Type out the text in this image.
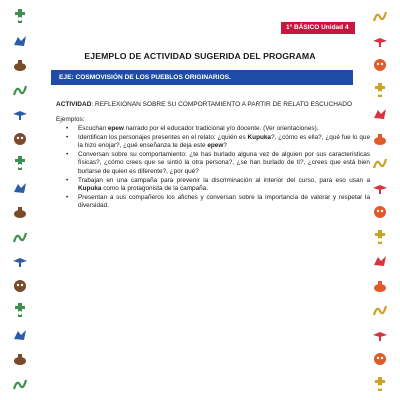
1° BÁSICO Unidad 4
EJEMPLO DE ACTIVIDAD SUGERIDA DEL PROGRAMA
EJE: COSMOVISIÓN DE LOS PUEBLOS ORIGINARIOS.
ACTIVIDAD: REFLEXIONAN SOBRE SU COMPORTAMIENTO A PARTIR DE RELATO ESCUCHADO
Ejemplos:
• Escuchan epew narrado por el educador tradicional y/o docente. (Ver orientaciones).
• Identifican los personajes presentes en el relato: ¿quién es Kupuka?, ¿cómo es ella?, ¿qué fue lo que la hizo enojar?, ¿qué enseñanza te deja este epew?
• Conversan sobre su comportamiento: ¿te has burlado alguna vez de alguien por sus características físicas?, ¿cómo crees que se sintió la otra persona?, ¿se han burlado de ti?, ¿crees que está bien burlarse de quien es diferente?, ¿por qué?
• Trabajan en una campaña para prevenir la discriminación al interior del curso, para eso usan a Kupuka como la protagonista de la campaña.
• Presentan a sus compañeros los afiches y conversan sobre la importancia de valorar y respetar la diversidad.
